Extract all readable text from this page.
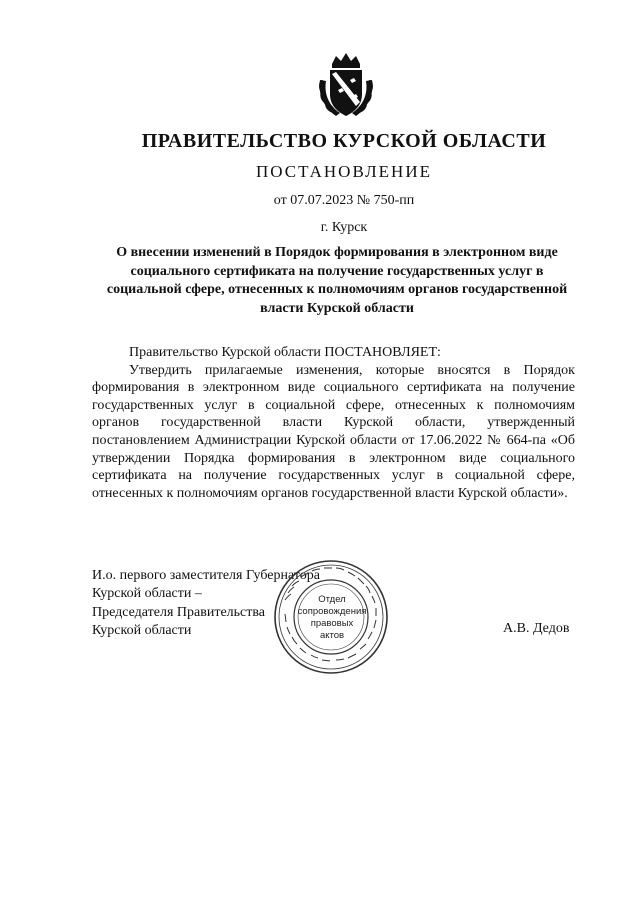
ПРАВИТЕЛЬСТВО КУРСКОЙ ОБЛАСТИ
ПОСТАНОВЛЕНИЕ
от 07.07.2023 № 750-пп
г. Курск
О внесении изменений в Порядок формирования в электронном виде социального сертификата на получение государственных услуг в социальной сфере, отнесенных к полномочиям органов государственной власти Курской области

Правительство Курской области ПОСТАНОВЛЯЕТ:

Утвердить прилагаемые изменения, которые вносятся в Порядок формирования в электронном виде социального сертификата на получение государственных услуг в социальной сфере, отнесенных к полномочиям органов государственной власти Курской области, утвержденный постановлением Администрации Курской области от 17.06.2022 № 664-па «Об утверждении Порядка формирования в электронном виде социального сертификата на получение государственных услуг в социальной сфере, отнесенных к полномочиям органов государственной власти Курской области».

И.о. первого заместителя Губернатора
Курской области –
Председателя Правительства
Курской области
Отдел
сопровождения
правовых
актов	А.В. Дедов
